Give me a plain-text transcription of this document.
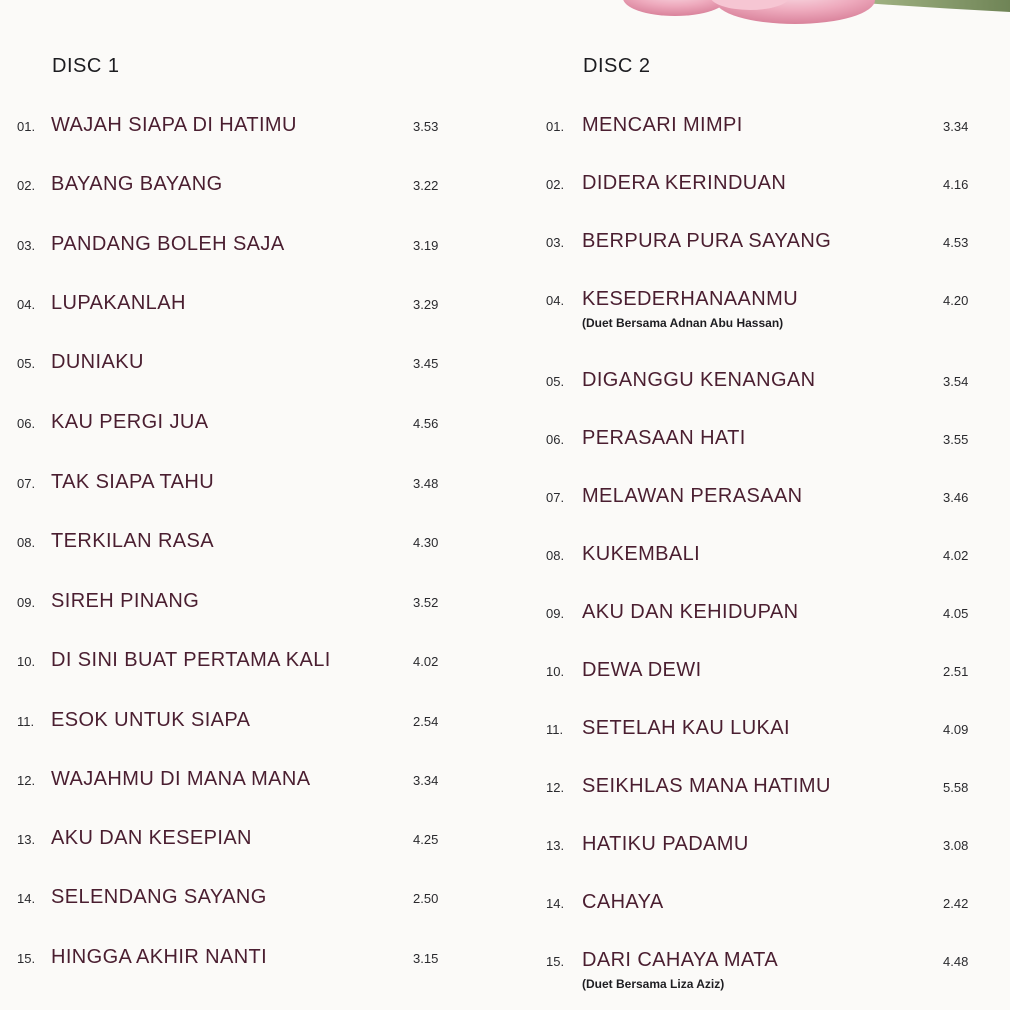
DISC 1	DISC 2
01. WAJAH SIAPA DI HATIMU	3.53
02. BAYANG BAYANG	3.22
03. PANDANG BOLEH SAJA	3.19
04. LUPAKANLAH	3.29
05. DUNIAKU	3.45
06. KAU PERGI JUA	4.56
07. TAK SIAPA TAHU	3.48
08. TERKILAN RASA	4.30
09. SIREH PINANG	3.52
10. DI SINI BUAT PERTAMA KALI	4.02
11. ESOK UNTUK SIAPA	2.54
12. WAJAHMU DI MANA MANA	3.34
13. AKU DAN KESEPIAN	4.25
14. SELENDANG SAYANG	2.50
15. HINGGA AKHIR NANTI	3.15
01. MENCARI MIMPI	3.34
02. DIDERA KERINDUAN	4.16
03. BERPURA PURA SAYANG	4.53
04. KESEDERHANAANMU	4.20
(Duet Bersama Adnan Abu Hassan)
05. DIGANGGU KENANGAN	3.54
06. PERASAAN HATI	3.55
07. MELAWAN PERASAAN	3.46
08. KUKEMBALI	4.02
09. AKU DAN KEHIDUPAN	4.05
10. DEWA DEWI	2.51
11. SETELAH KAU LUKAI	4.09
12. SEIKHLAS MANA HATIMU	5.58
13. HATIKU PADAMU	3.08
14. CAHAYA	2.42
15. DARI CAHAYA MATA	4.48
(Duet Bersama Liza Aziz)
